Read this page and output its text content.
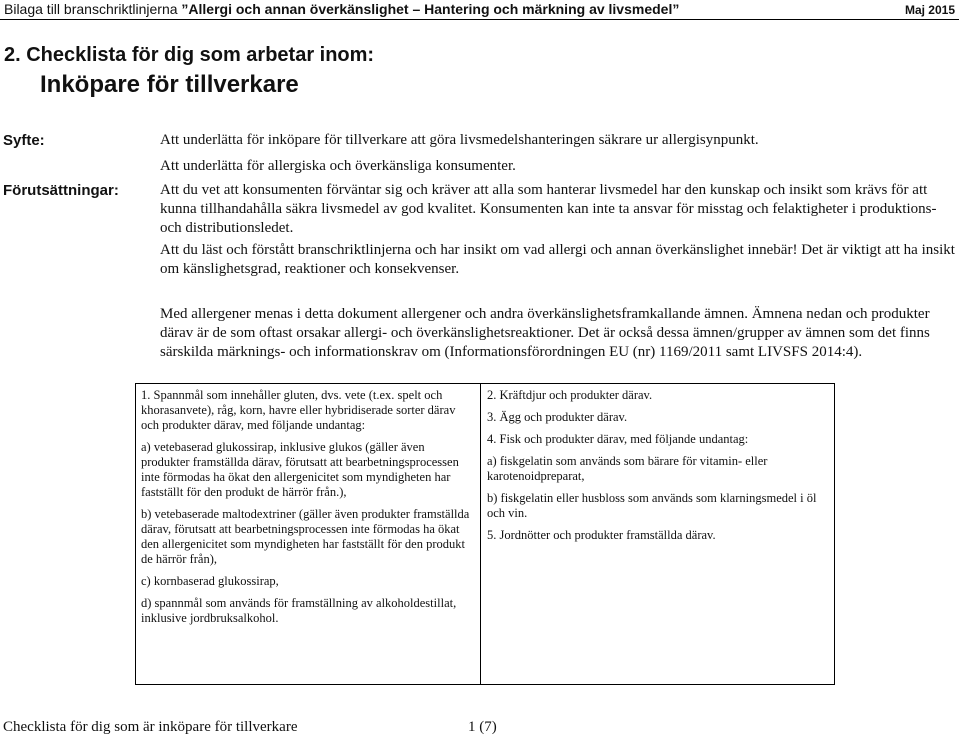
Bilaga till branschriktlinjerna ”Allergi och annan överkänslighet – Hantering och märkning av livsmedel”	Maj 2015
2. Checklista för dig som arbetar inom:
Inköpare för tillverkare
Syfte:	Att underlätta för inköpare för tillverkare att göra livsmedelshanteringen säkrare ur allergisynpunkt.

Att underlätta för allergiska och överkänsliga konsumenter.

Förutsättningar:	Att du vet att konsumenten förväntar sig och kräver att alla som hanterar livsmedel har den kunskap och insikt som krävs för att kunna tillhandahålla säkra livsmedel av god kvalitet. Konsumenten kan inte ta ansvar för misstag och felaktigheter i produktions- och distributionsledet.

Att du läst och förstått branschriktlinjerna och har insikt om vad allergi och annan överkänslighet innebär! Det är viktigt att ha insikt om känslighetsgrad, reaktioner och konsekvenser.

Med allergener menas i detta dokument allergener och andra överkänslighetsframkallande ämnen. Ämnena nedan och produkter därav är de som oftast orsakar allergi- och överkänslighetsreaktioner. Det är också dessa ämnen/grupper av ämnen som det finns särskilda märknings- och informationskrav om (Informationsförordningen EU (nr) 1169/2011 samt LIVSFS 2014:4).

1. Spannmål som innehåller gluten, dvs. vete (t.ex. spelt och khorasanvete), råg, korn, havre eller hybridiserade sorter därav och produkter därav, med följande undantag:

a) vetebaserad glukossirap, inklusive glukos (gäller även produkter framställda därav, förutsatt att bearbetningsprocessen inte förmodas ha ökat den allergenicitet som myndigheten har fastställt för den produkt de härrör från.),

b) vetebaserade maltodextriner (gäller även produkter framställda därav, förutsatt att bearbetningsprocessen inte förmodas ha ökat den allergenicitet som myndigheten har fastställt för den produkt de härrör från),

c) kornbaserad glukossirap,

d) spannmål som används för framställning av alkoholdestillat, inklusive jordbruksalkohol.

2. Kräftdjur och produkter därav.

3. Ägg och produkter därav.

4. Fisk och produkter därav, med följande undantag:

a) fiskgelatin som används som bärare för vitamin- eller karotenoidpreparat,

b) fiskgelatin eller husbloss som används som klarningsmedel i öl och vin.

5. Jordnötter och produkter framställda därav.

Checklista för dig som är inköpare för tillverkare	1 (7)
